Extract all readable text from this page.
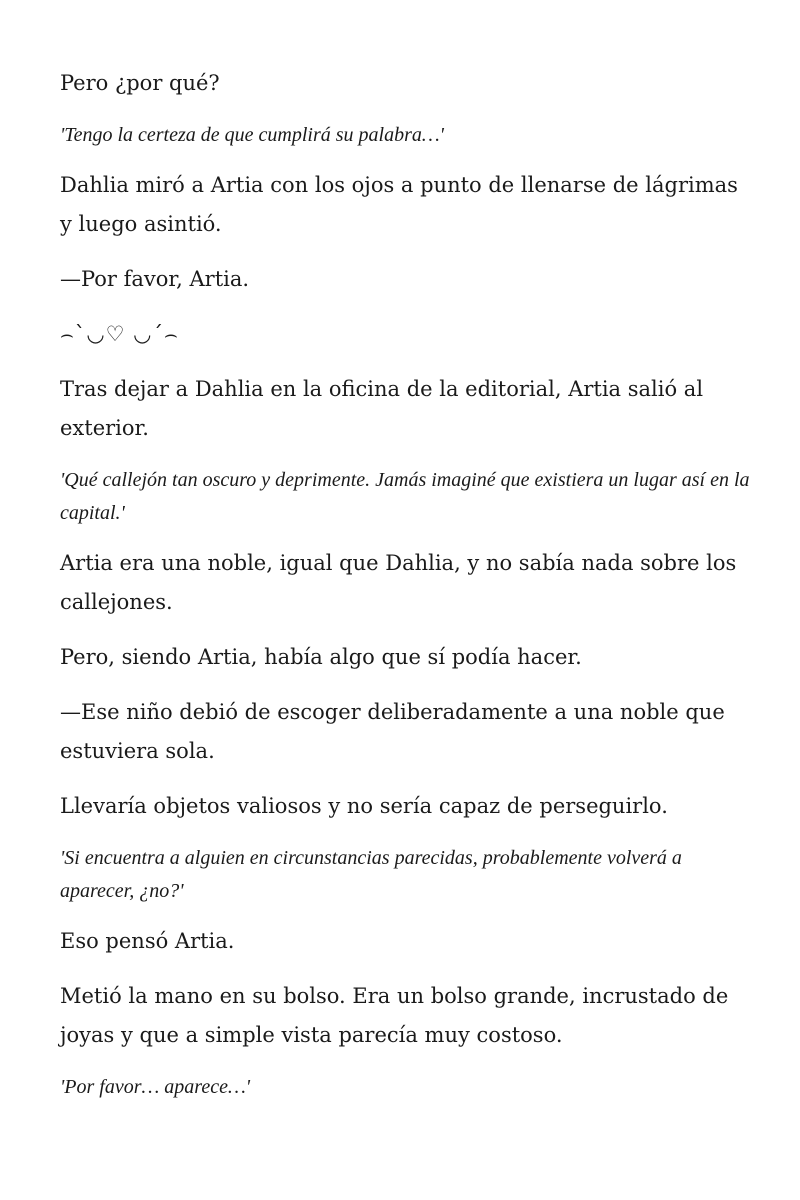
Pero ¿por qué?

'Tengo la certeza de que cumplirá su palabra…'

Dahlia miró a Artia con los ojos a punto de llenarse de lágrimas y luego asintió.

—Por favor, Artia.

⌢`◡♡ ◡´⌢

Tras dejar a Dahlia en la oficina de la editorial, Artia salió al exterior.

'Qué callejón tan oscuro y deprimente. Jamás imaginé que existiera un lugar así en la capital.'

Artia era una noble, igual que Dahlia, y no sabía nada sobre los callejones.

Pero, siendo Artia, había algo que sí podía hacer.

—Ese niño debió de escoger deliberadamente a una noble que estuviera sola.

Llevaría objetos valiosos y no sería capaz de perseguirlo.

'Si encuentra a alguien en circunstancias parecidas, probablemente volverá a aparecer, ¿no?'

Eso pensó Artia.

Metió la mano en su bolso. Era un bolso grande, incrustado de joyas y que a simple vista parecía muy costoso.

'Por favor… aparece…'
